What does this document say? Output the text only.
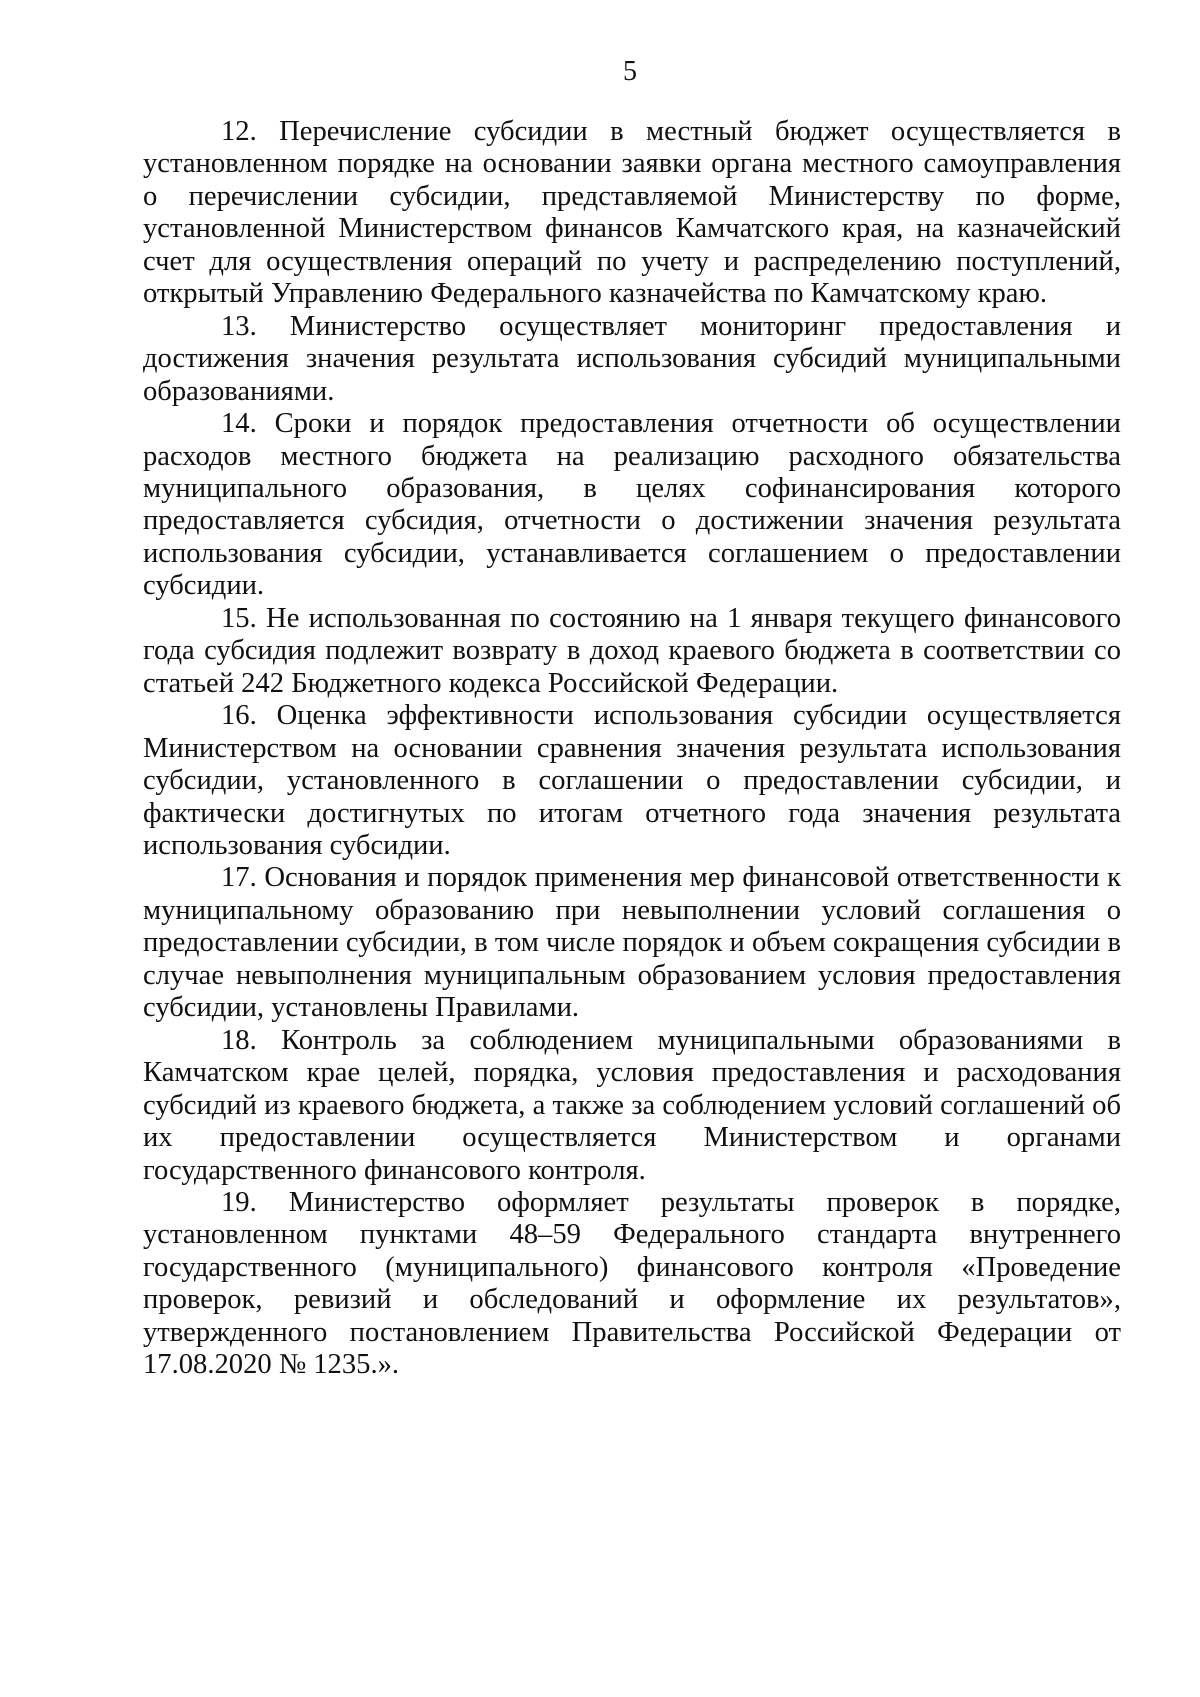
5

12. Перечисление субсидии в местный бюджет осуществляется в установленном порядке на основании заявки органа местного самоуправления о перечислении субсидии, представляемой Министерству по форме, установленной Министерством финансов Камчатского края, на казначейский счет для осуществления операций по учету и распределению поступлений, открытый Управлению Федерального казначейства по Камчатскому краю.

13. Министерство осуществляет мониторинг предоставления и достижения значения результата использования субсидий муниципальными образованиями.

14. Сроки и порядок предоставления отчетности об осуществлении расходов местного бюджета на реализацию расходного обязательства муниципального образования, в целях софинансирования которого предоставляется субсидия, отчетности о достижении значения результата использования субсидии, устанавливается соглашением о предоставлении субсидии.

15. Не использованная по состоянию на 1 января текущего финансового года субсидия подлежит возврату в доход краевого бюджета в соответствии со статьей 242 Бюджетного кодекса Российской Федерации.

16. Оценка эффективности использования субсидии осуществляется Министерством на основании сравнения значения результата использования субсидии, установленного в соглашении о предоставлении субсидии, и фактически достигнутых по итогам отчетного года значения результата использования субсидии.

17. Основания и порядок применения мер финансовой ответственности к муниципальному образованию при невыполнении условий соглашения о предоставлении субсидии, в том числе порядок и объем сокращения субсидии в случае невыполнения муниципальным образованием условия предоставления субсидии, установлены Правилами.

18. Контроль за соблюдением муниципальными образованиями в Камчатском крае целей, порядка, условия предоставления и расходования субсидий из краевого бюджета, а также за соблюдением условий соглашений об их предоставлении осуществляется Министерством и органами государственного финансового контроля.

19. Министерство оформляет результаты проверок в порядке, установленном пунктами 48–59 Федерального стандарта внутреннего государственного (муниципального) финансового контроля «Проведение проверок, ревизий и обследований и оформление их результатов», утвержденного постановлением Правительства Российской Федерации от 17.08.2020 № 1235.».
